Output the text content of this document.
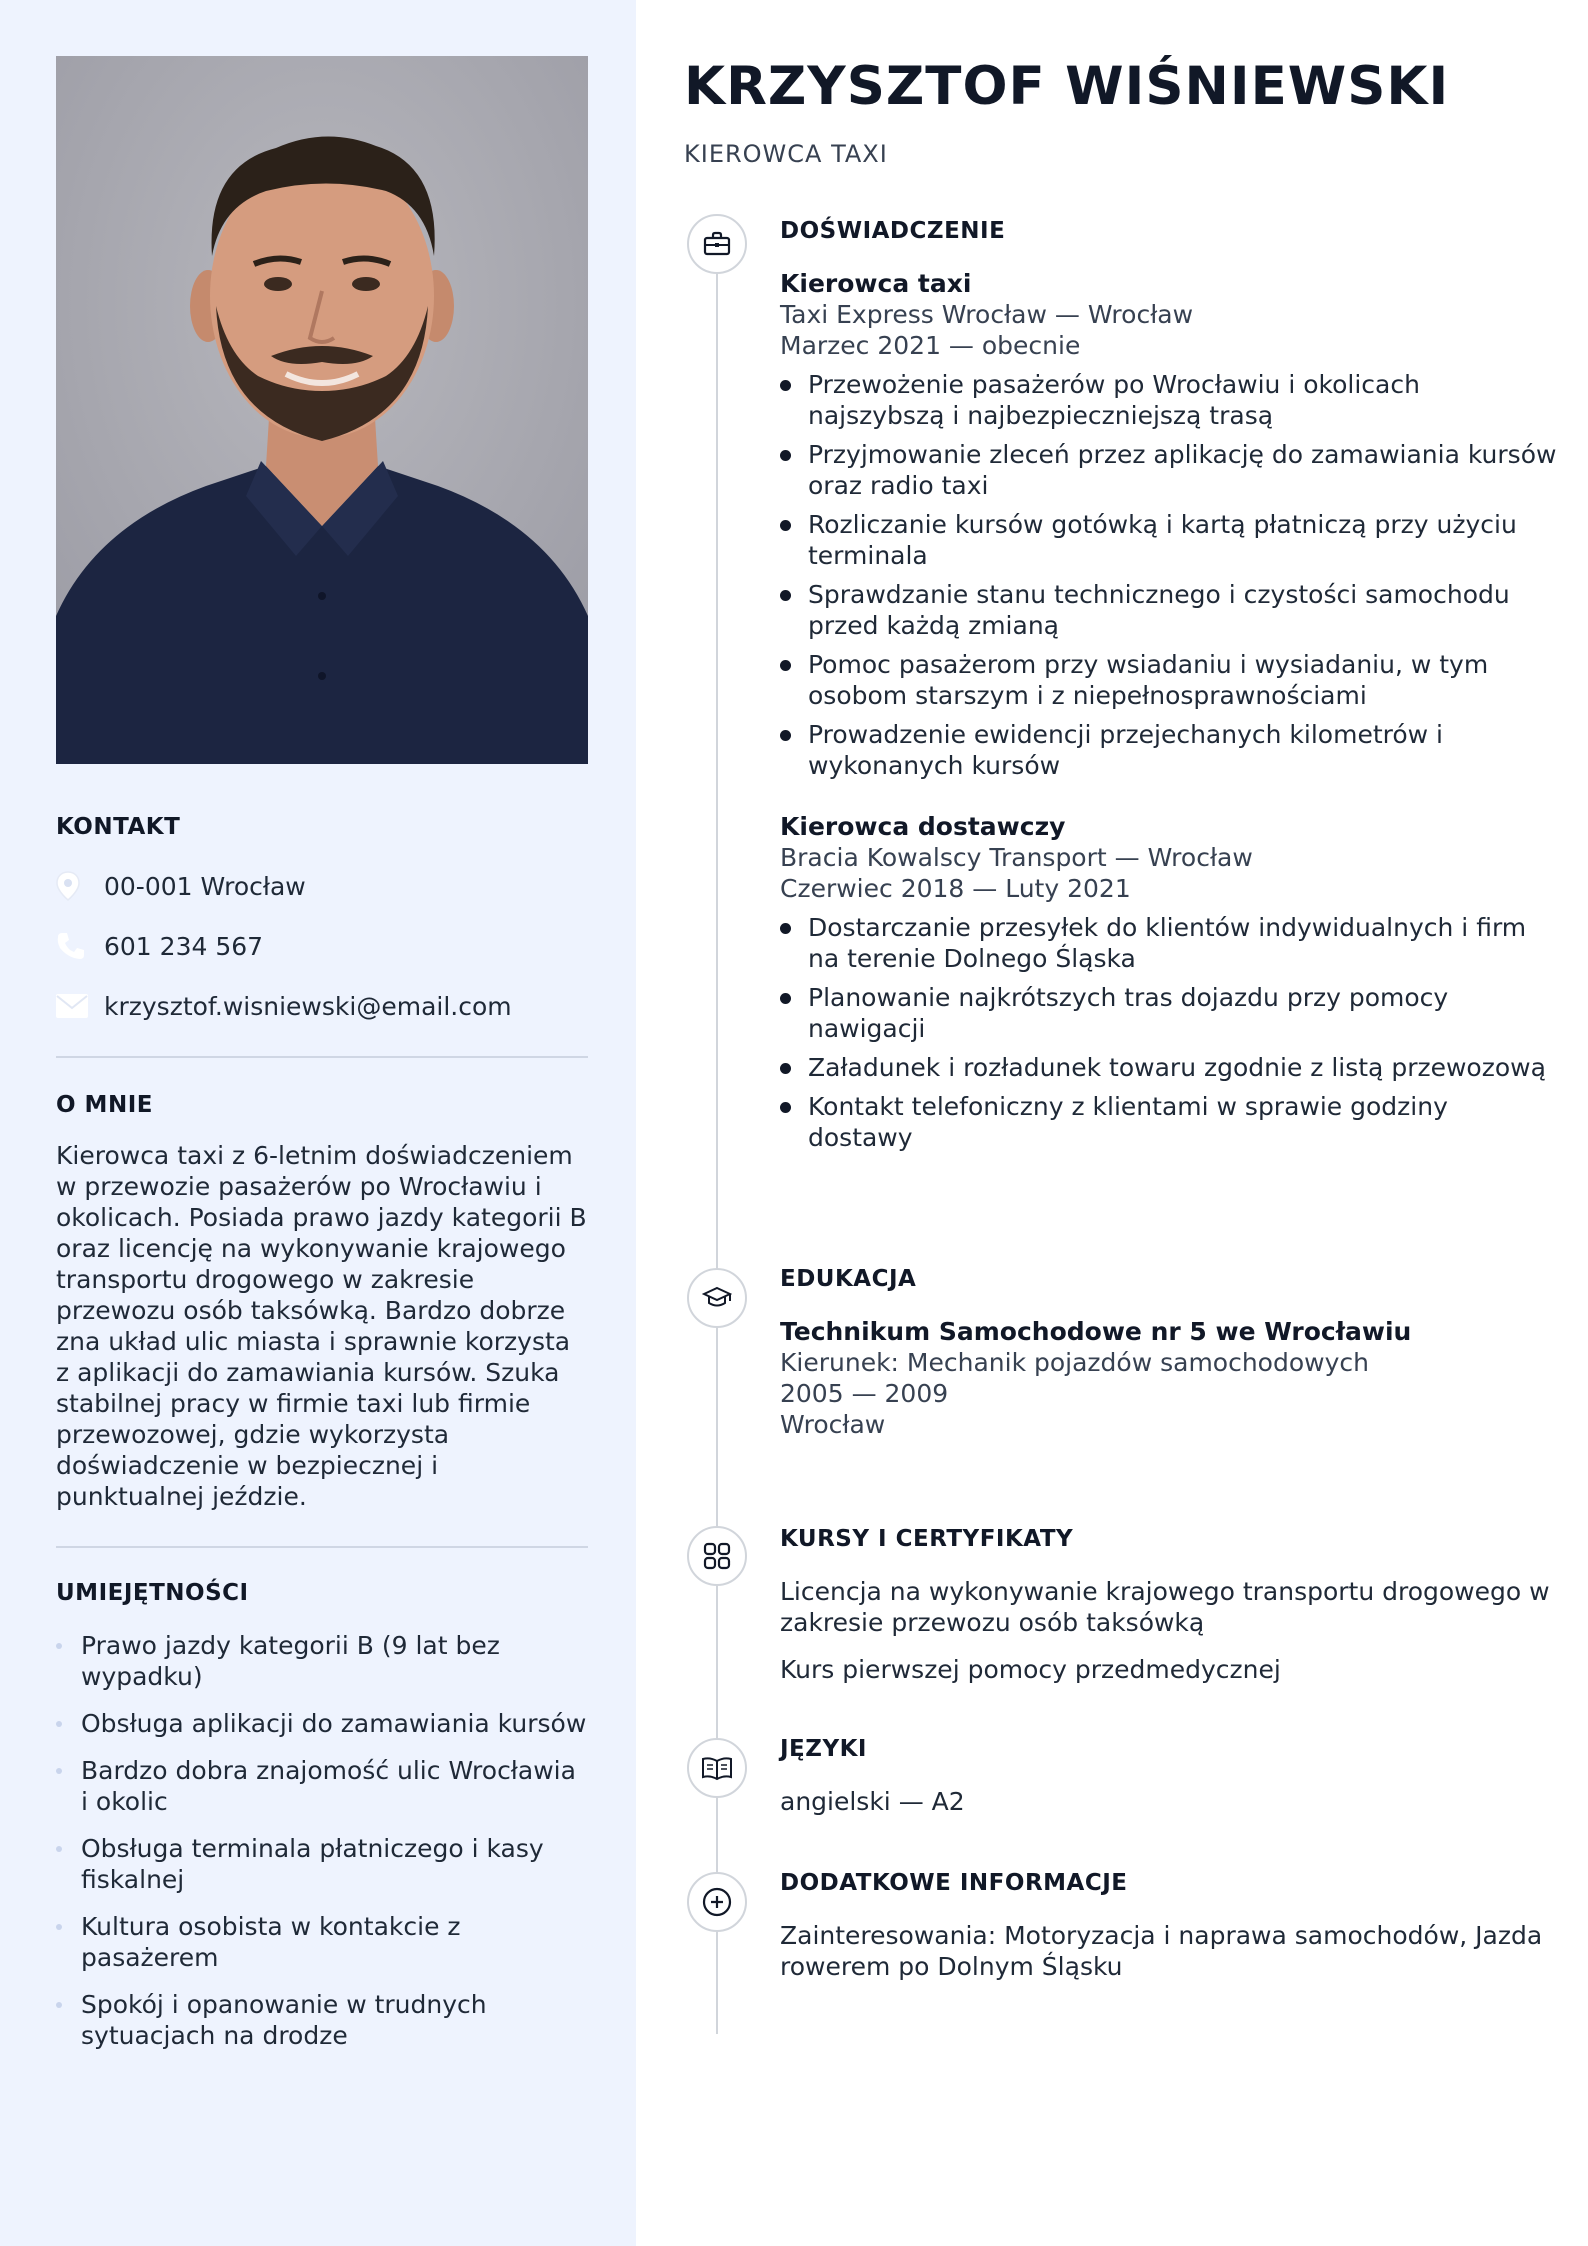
KONTAKT
00-001 Wrocław
601 234 567
krzysztof.wisniewski@email.com
O MNIE
Kierowca taxi z 6-letnim doświadczeniem w przewozie pasażerów po Wrocławiu i okolicach. Posiada prawo jazdy kategorii B oraz licencję na wykonywanie krajowego transportu drogowego w zakresie przewozu osób taksówką. Bardzo dobrze zna układ ulic miasta i sprawnie korzysta z aplikacji do zamawiania kursów. Szuka stabilnej pracy w firmie taxi lub firmie przewozowej, gdzie wykorzysta doświadczenie w bezpiecznej i punktualnej jeździe.
UMIEJĘTNOŚCI
Prawo jazdy kategorii B (9 lat bez wypadku)
Obsługa aplikacji do zamawiania kursów
Bardzo dobra znajomość ulic Wrocławia i okolic
Obsługa terminala płatniczego i kasy fiskalnej
Kultura osobista w kontakcie z pasażerem
Spokój i opanowanie w trudnych sytuacjach na drodze
KRZYSZTOF WIŚNIEWSKI
KIEROWCA TAXI
DOŚWIADCZENIE
Kierowca taxi
Taxi Express Wrocław — Wrocław
Marzec 2021 — obecnie
Przewożenie pasażerów po Wrocławiu i okolicach najszybszą i najbezpieczniejszą trasą
Przyjmowanie zleceń przez aplikację do zamawiania kursów oraz radio taxi
Rozliczanie kursów gotówką i kartą płatniczą przy użyciu terminala
Sprawdzanie stanu technicznego i czystości samochodu przed każdą zmianą
Pomoc pasażerom przy wsiadaniu i wysiadaniu, w tym osobom starszym i z niepełnosprawnościami
Prowadzenie ewidencji przejechanych kilometrów i wykonanych kursów
Kierowca dostawczy
Bracia Kowalscy Transport — Wrocław
Czerwiec 2018 — Luty 2021
Dostarczanie przesyłek do klientów indywidualnych i firm na terenie Dolnego Śląska
Planowanie najkrótszych tras dojazdu przy pomocy nawigacji
Załadunek i rozładunek towaru zgodnie z listą przewozową
Kontakt telefoniczny z klientami w sprawie godziny dostawy
EDUKACJA
Technikum Samochodowe nr 5 we Wrocławiu
Kierunek: Mechanik pojazdów samochodowych
2005 — 2009
Wrocław
KURSY I CERTYFIKATY
Licencja na wykonywanie krajowego transportu drogowego w zakresie przewozu osób taksówką
Kurs pierwszej pomocy przedmedycznej
JĘZYKI
angielski — A2
DODATKOWE INFORMACJE
Zainteresowania: Motoryzacja i naprawa samochodów, Jazda rowerem po Dolnym Śląsku
